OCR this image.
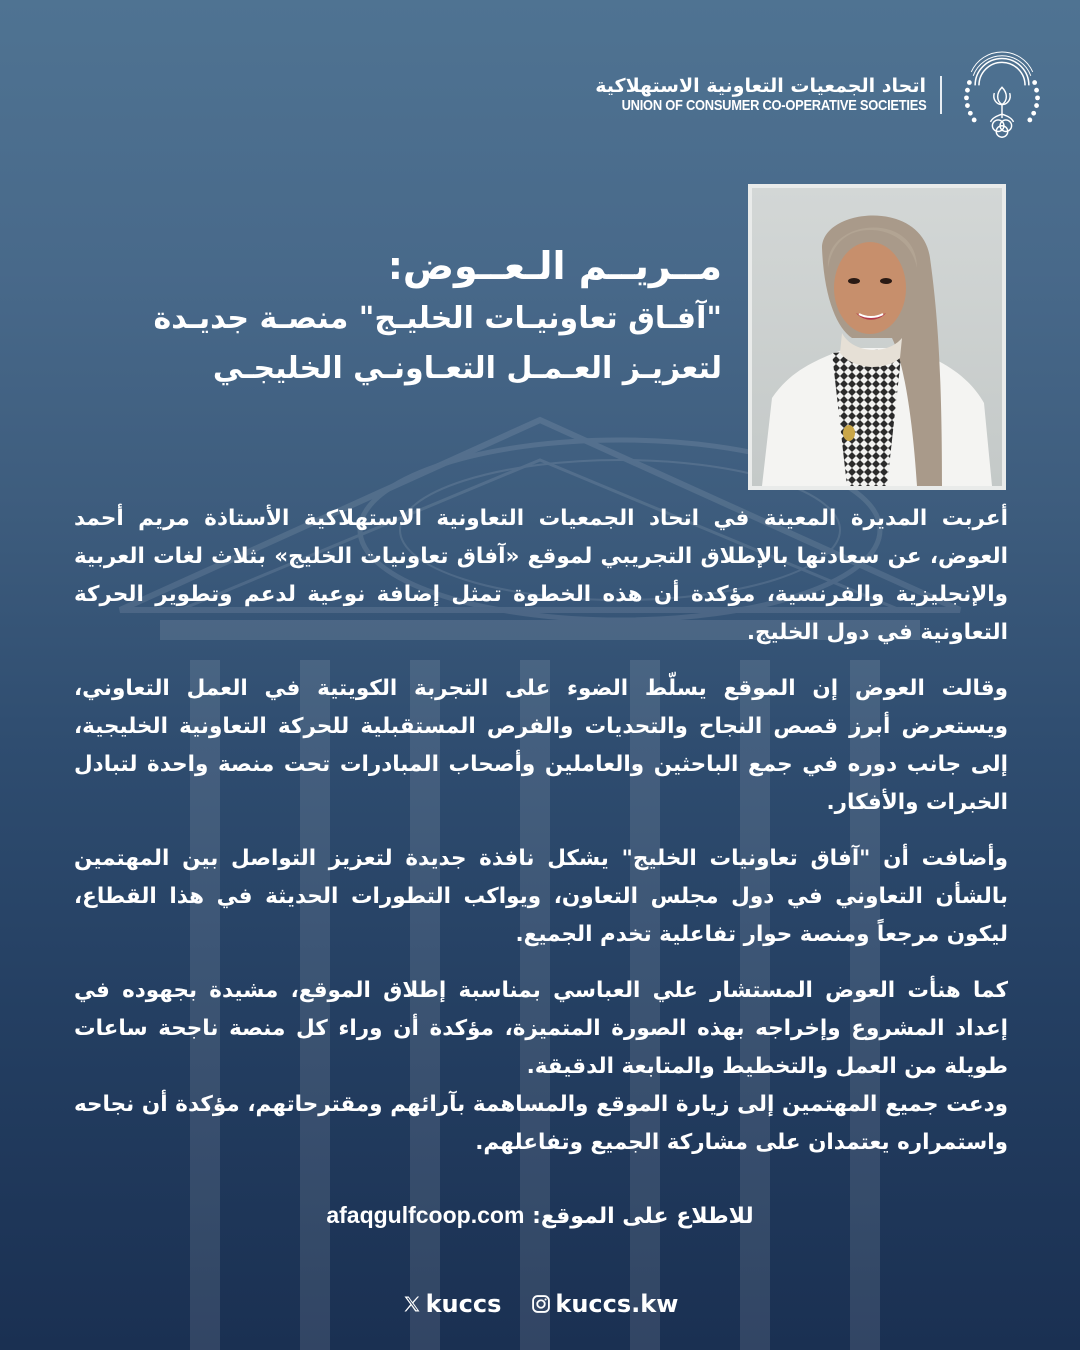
اتحاد الجمعيات التعاونية الاستهلاكية
UNION OF CONSUMER CO-OPERATIVE SOCIETIES
مــريــم الـعــوض:
"آفـاق تعاونيـات الخليـج" منصـة جديـدة
لتعزيـز العـمـل التعـاونـي الخليجـي

أعربت المديرة المعينة في اتحاد الجمعيات التعاونية الاستهلاكية الأستاذة مريم أحمد العوض، عن سعادتها بالإطلاق التجريبي لموقع «آفاق تعاونيات الخليج» بثلاث لغات العربية والإنجليزية والفرنسية، مؤكدة أن هذه الخطوة تمثل إضافة نوعية لدعم وتطوير الحركة التعاونية في دول الخليج.

وقالت العوض إن الموقع يسلّط الضوء على التجربة الكويتية في العمل التعاوني، ويستعرض أبرز قصص النجاح والتحديات والفرص المستقبلية للحركة التعاونية الخليجية، إلى جانب دوره في جمع الباحثين والعاملين وأصحاب المبادرات تحت منصة واحدة لتبادل الخبرات والأفكار.

وأضافت أن "آفاق تعاونيات الخليج" يشكل نافذة جديدة لتعزيز التواصل بين المهتمين بالشأن التعاوني في دول مجلس التعاون، ويواكب التطورات الحديثة في هذا القطاع، ليكون مرجعاً ومنصة حوار تفاعلية تخدم الجميع.

كما هنأت العوض المستشار علي العباسي بمناسبة إطلاق الموقع، مشيدة بجهوده في إعداد المشروع وإخراجه بهذه الصورة المتميزة، مؤكدة أن وراء كل منصة ناجحة ساعات طويلة من العمل والتخطيط والمتابعة الدقيقة.

ودعت جميع المهتمين إلى زيارة الموقع والمساهمة بآرائهم ومقترحاتهم، مؤكدة أن نجاحه واستمراره يعتمدان على مشاركة الجميع وتفاعلهم.

للاطلاع على الموقع: afaqgulfcoop.com
kuccs kuccs.kw
